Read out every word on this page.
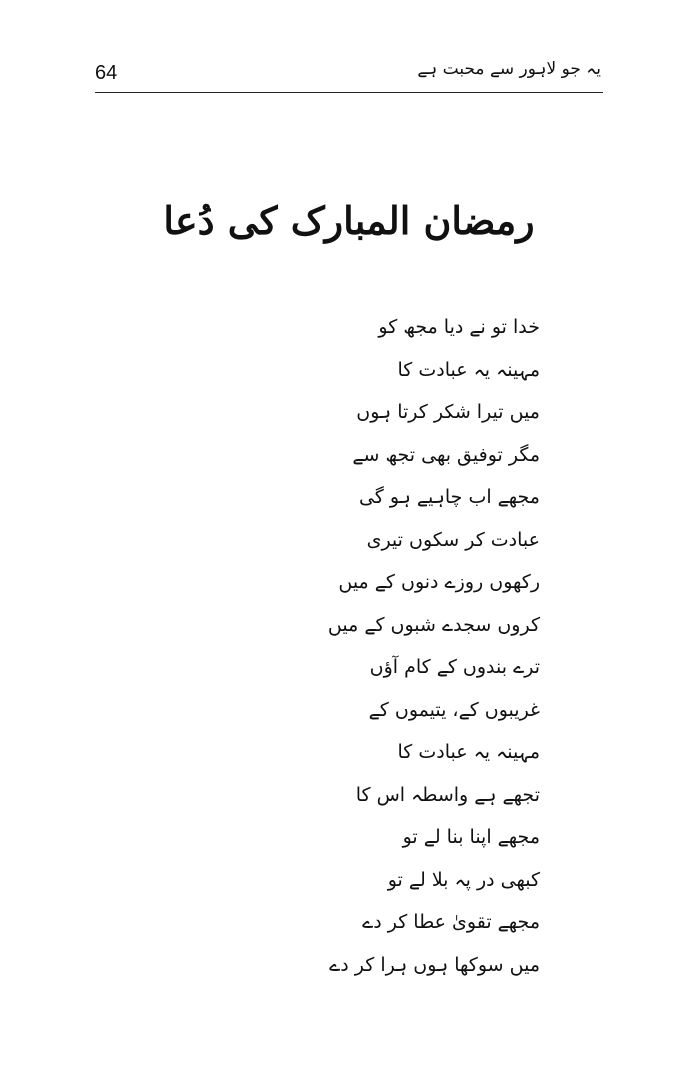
64	یہ جو لاہور سے محبت ہے
رمضان المبارک کی دُعا
خدا تو نے دیا مجھ کو
مہینہ یہ عبادت کا
میں تیرا شکر کرتا ہوں
مگر توفیق بھی تجھ سے
مجھے اب چاہیے ہو گی
عبادت کر سکوں تیری
رکھوں روزے دنوں کے میں
کروں سجدے شبوں کے میں
ترے بندوں کے کام آؤں
غریبوں کے، یتیموں کے
مہینہ یہ عبادت کا
تجھے ہے واسطہ اس کا
مجھے اپنا بنا لے تو
کبھی در پہ بلا لے تو
مجھے تقویٰ عطا کر دے
میں سوکھا ہوں ہرا کر دے
